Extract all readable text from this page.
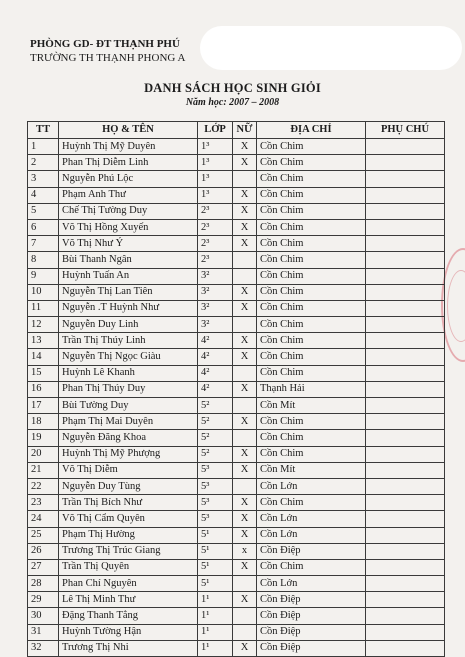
PHÒNG GD- ĐT THẠNH PHÚ
TRƯỜNG TH THẠNH PHONG A
DANH SÁCH HỌC SINH GIỎI
Năm học: 2007 – 2008
TT	HỌ & TÊN	LỚP	NỮ	ĐỊA CHỈ	PHỤ CHÚ
1	Huỳnh Thị Mỹ Duyên	1³	X	Cồn Chim	
2	Phan Thị Diễm Linh	1³	X	Cồn Chim	
3	Nguyễn Phú Lộc	1³		Cồn Chim	
4	Phạm Anh Thư	1³	X	Cồn Chim	
5	Chế Thị Tường Duy	2³	X	Cồn Chim	
6	Võ Thị Hồng Xuyến	2³	X	Cồn Chim	
7	Võ Thị Như Ý	2³	X	Cồn Chim	
8	Bùi Thanh Ngân	2³		Cồn Chim	
9	Huỳnh Tuấn An	3²		Cồn Chim	
10	Nguyễn Thị Lan Tiên	3²	X	Cồn Chim	
11	Nguyễn .T Huỳnh Như	3²	X	Cồn Chim	
12	Nguyễn Duy Linh	3²		Cồn Chim	
13	Trần Thị Thúy Linh	4²	X	Cồn Chim	
14	Nguyễn Thị Ngọc Giàu	4²	X	Cồn Chim	
15	Huỳnh Lê Khanh	4²		Cồn Chim	
16	Phan Thị Thúy Duy	4²	X	Thạnh Hải	
17	Bùi Tường Duy	5²		Cồn Mít	
18	Phạm Thị Mai Duyên	5²	X	Cồn Chim	
19	Nguyễn Đăng Khoa	5²		Cồn Chim	
20	Huỳnh Thị Mỹ Phượng	5²	X	Cồn Chim	
21	Võ Thị Diễm	5³	X	Cồn Mít	
22	Nguyễn Duy Tùng	5³		Cồn Lớn	
23	Trần Thị Bích Như	5³	X	Cồn Chim	
24	Võ Thị Cẩm Quyên	5³	X	Cồn Lớn	
25	Phạm Thị Hường	5¹	X	Cồn Lớn	
26	Trương Thị Trúc Giang	5¹	x	Cồn Điệp	
27	Trần Thị Quyên	5¹	X	Cồn Chim	
28	Phan Chí Nguyên	5¹		Cồn Lớn	
29	Lê Thị Minh Thư	1¹	X	Cồn Điệp	
30	Đặng Thanh Tẳng	1¹		Cồn Điệp	
31	Huỳnh Tường Hận	1¹		Cồn Điệp	
32	Trương Thị Nhi	1¹	X	Cồn Điệp	
